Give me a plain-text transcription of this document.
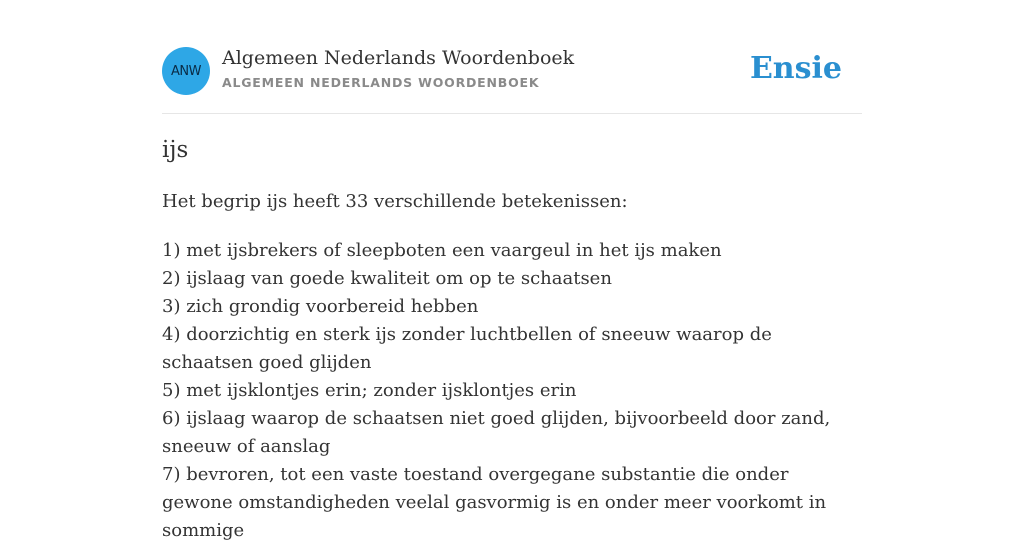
ANW
Algemeen Nederlands Woordenboek
ALGEMEEN NEDERLANDS WOORDENBOEK	Ensie
ijs

Het begrip ijs heeft 33 verschillende betekenissen:

1) met ijsbrekers of sleepboten een vaargeul in het ijs maken
2) ijslaag van goede kwaliteit om op te schaatsen
3) zich grondig voorbereid hebben
4) doorzichtig en sterk ijs zonder luchtbellen of sneeuw waarop de schaatsen goed glijden
5) met ijsklontjes erin; zonder ijsklontjes erin
6) ijslaag waarop de schaatsen niet goed glijden, bijvoorbeeld door zand, sneeuw of aanslag
7) bevroren, tot een vaste toestand overgegane substantie die onder gewone omstandigheden veelal gasvormig is en onder meer voorkomt in sommige
